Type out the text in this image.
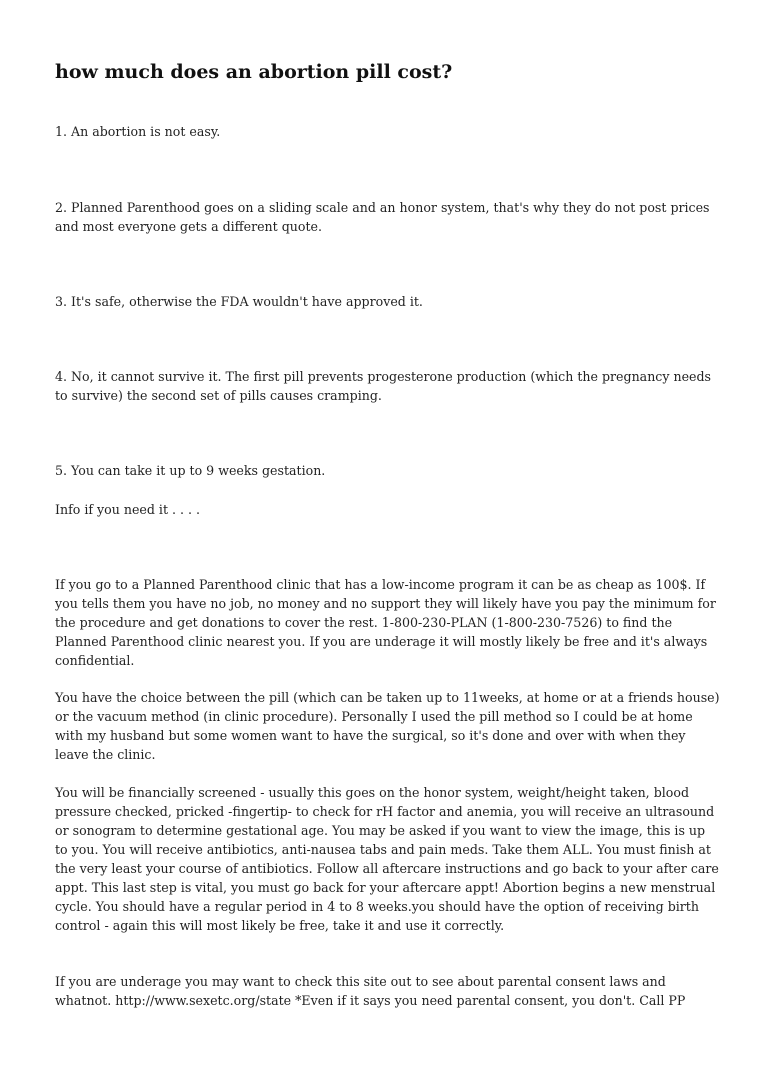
how much does an abortion pill cost?

1. An abortion is not easy.

2. Planned Parenthood goes on a sliding scale and an honor system, that's why they do not post prices and most everyone gets a different quote.

3. It's safe, otherwise the FDA wouldn't have approved it.

4. No, it cannot survive it. The first pill prevents progesterone production (which the pregnancy needs to survive) the second set of pills causes cramping.

5. You can take it up to 9 weeks gestation.

Info if you need it . . . .

If you go to a Planned Parenthood clinic that has a low-income program it can be as cheap as 100$. If you tells them you have no job, no money and no support they will likely have you pay the minimum for the procedure and get donations to cover the rest. 1-800-230-PLAN (1-800-230-7526) to find the Planned Parenthood clinic nearest you. If you are underage it will mostly likely be free and it's always confidential.

You have the choice between the pill (which can be taken up to 11weeks, at home or at a friends house) or the vacuum method (in clinic procedure). Personally I used the pill method so I could be at home with my husband but some women want to have the surgical, so it's done and over with when they leave the clinic.

You will be financially screened - usually this goes on the honor system, weight/height taken, blood pressure checked, pricked -fingertip- to check for rH factor and anemia, you will receive an ultrasound or sonogram to determine gestational age. You may be asked if you want to view the image, this is up to you. You will receive antibiotics, anti-nausea tabs and pain meds. Take them ALL. You must finish at the very least your course of antibiotics. Follow all aftercare instructions and go back to your after care appt. This last step is vital, you must go back for your aftercare appt! Abortion begins a new menstrual cycle. You should have a regular period in 4 to 8 weeks.you should have the option of receiving birth control - again this will most likely be free, take it and use it correctly.

If you are underage you may want to check this site out to see about parental consent laws and whatnot. http://www.sexetc.org/state *Even if it says you need parental consent, you don't. Call PP
